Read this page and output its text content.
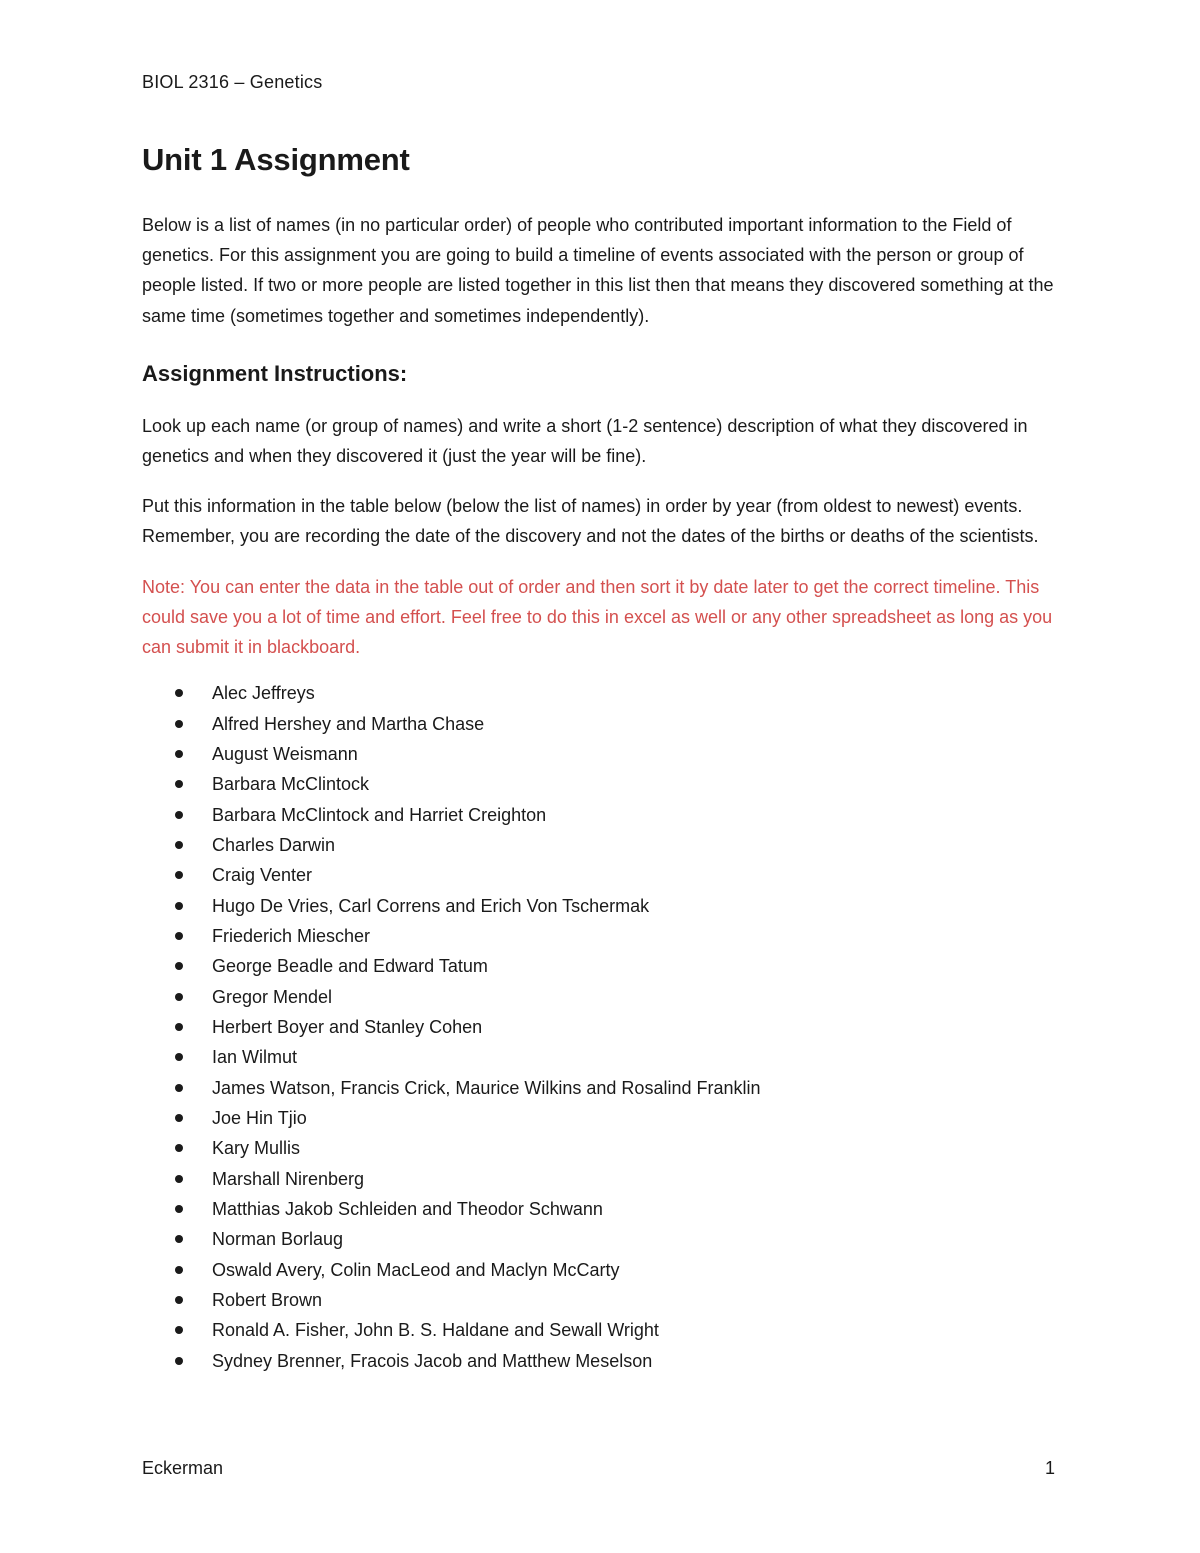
BIOL 2316 – Genetics
Unit 1 Assignment

Below is a list of names (in no particular order) of people who contributed important information to the Field of genetics. For this assignment you are going to build a timeline of events associated with the person or group of people listed. If two or more people are listed together in this list then that means they discovered something at the same time (sometimes together and sometimes independently).

Assignment Instructions:

Look up each name (or group of names) and write a short (1-2 sentence) description of what they discovered in genetics and when they discovered it (just the year will be fine).

Put this information in the table below (below the list of names) in order by year (from oldest to newest) events. Remember, you are recording the date of the discovery and not the dates of the births or deaths of the scientists.

Note: You can enter the data in the table out of order and then sort it by date later to get the correct timeline. This could save you a lot of time and effort. Feel free to do this in excel as well or any other spreadsheet as long as you can submit it in blackboard.

Alec Jeffreys
Alfred Hershey and Martha Chase
August Weismann
Barbara McClintock
Barbara McClintock and Harriet Creighton
Charles Darwin
Craig Venter
Hugo De Vries, Carl Correns and Erich Von Tschermak
Friederich Miescher
George Beadle and Edward Tatum
Gregor Mendel
Herbert Boyer and Stanley Cohen
Ian Wilmut
James Watson, Francis Crick, Maurice Wilkins and Rosalind Franklin
Joe Hin Tjio
Kary Mullis
Marshall Nirenberg
Matthias Jakob Schleiden and Theodor Schwann
Norman Borlaug
Oswald Avery, Colin MacLeod and Maclyn McCarty
Robert Brown
Ronald A. Fisher, John B. S. Haldane and Sewall Wright
Sydney Brenner, Fracois Jacob and Matthew Meselson
Eckerman	1
